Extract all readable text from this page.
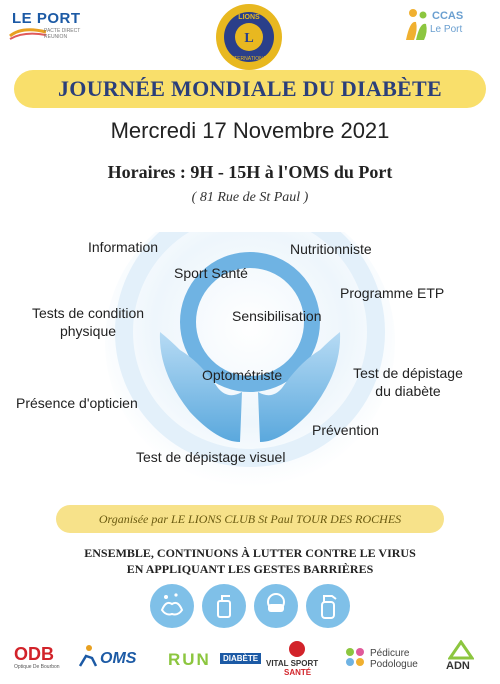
LE PORT
PACTE DIRECT REUNION	L
LIONS
INTERNATIONAL
CCAS
Le Port
JOURNÉE MONDIALE DU DIABÈTE
Mercredi 17 Novembre 2021
Horaires : 9H - 15H à l'OMS du Port
( 81 Rue de St Paul )
Information	Nutritionniste
Sport Santé
Programme ETP
Tests de condition
physique
Sensibilisation
Optométriste	Test de dépistage
du diabète
Présence d'opticien
Prévention
Test de dépistage visuel
Organisée par LE LIONS CLUB St Paul TOUR DES ROCHES
ENSEMBLE, CONTINUONS À LUTTER CONTRE LE VIRUS
EN APPLIQUANT LES GESTES BARRIÈRES
ODB
Optique De Bourbon	OMS RUN	DIABÈTE
VITAL SPORT
SANTÉ
Pédicure
Podologue	ADN
